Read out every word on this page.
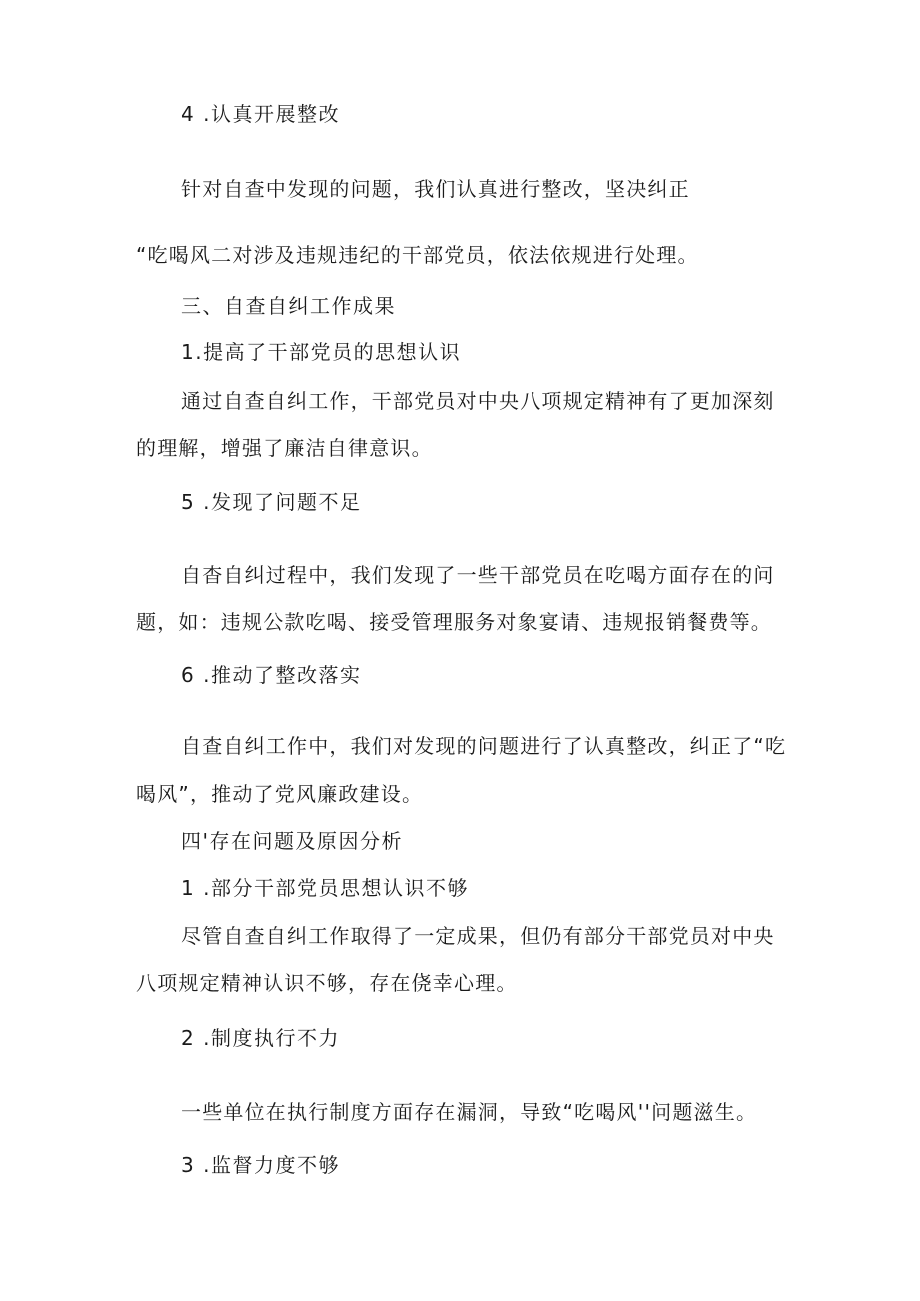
4 .认真开展整改
针对自查中发现的问题，我们认真进行整改，坚决纠正
“吃喝风二对涉及违规违纪的干部党员，依法依规进行处理。
三、自查自纠工作成果
1.提高了干部党员的思想认识
通过自查自纠工作，干部党员对中央八项规定精神有了更加深刻
的理解，增强了廉洁自律意识。
5 .发现了问题不足
自杳自纠过程中，我们发现了一些干部党员在吃喝方面存在的问
题，如：违规公款吃喝、接受管理服务对象宴请、违规报销餐费等。
6 .推动了整改落实
自查自纠工作中，我们对发现的问题进行了认真整改，纠正了“吃
喝风”，推动了党风廉政建设。
四'存在问题及原因分析
1 .部分干部党员思想认识不够
尽管自查自纠工作取得了一定成果，但仍有部分干部党员对中央
八项规定精神认识不够，存在侥幸心理。
2 .制度执行不力
一些单位在执行制度方面存在漏洞，导致“吃喝风''问题滋生。
3 .监督力度不够
